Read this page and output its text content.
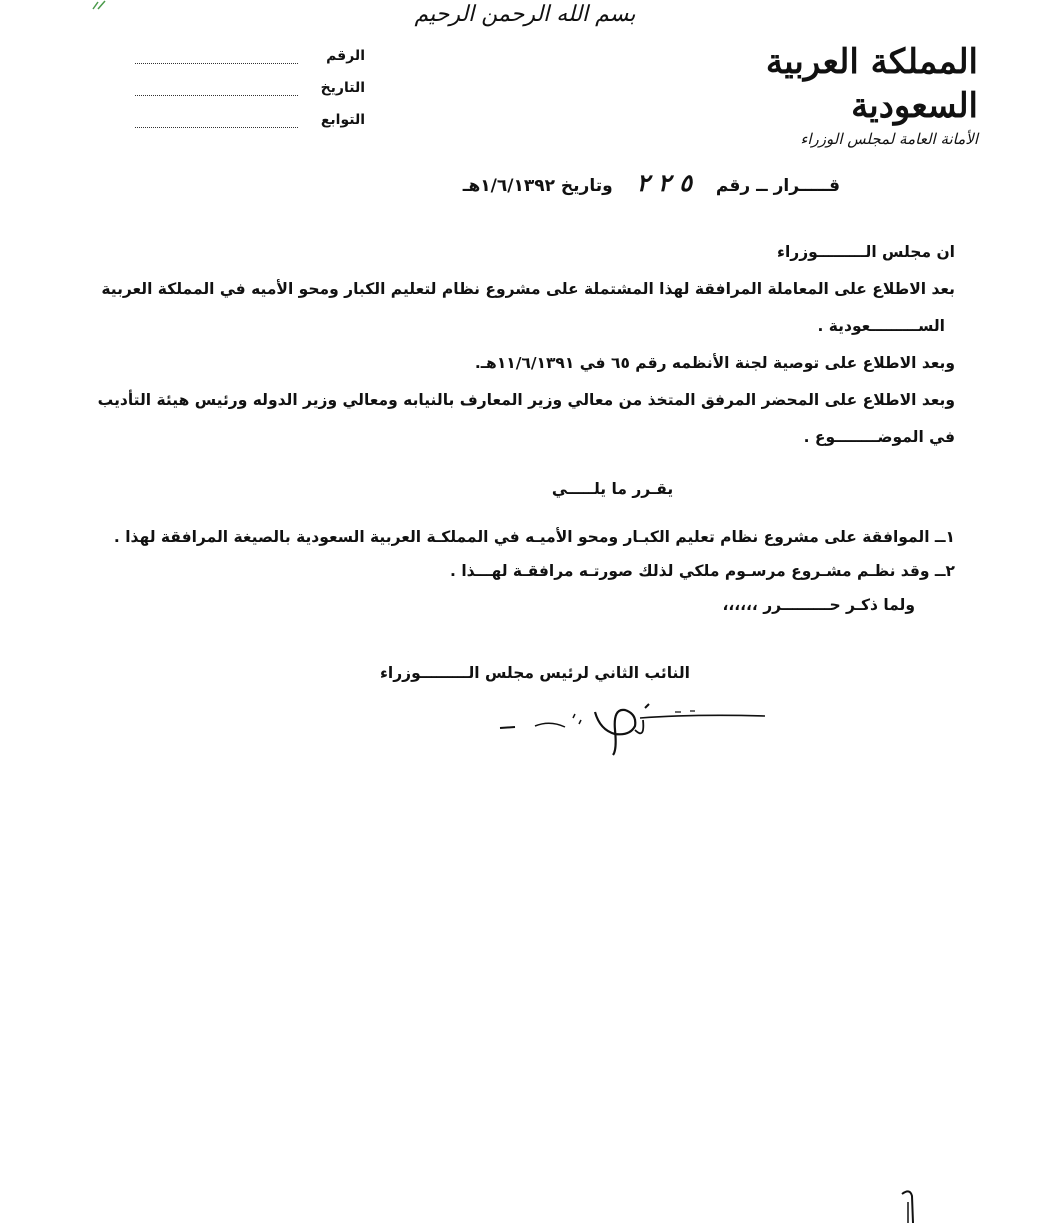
بسم الله الرحمن الرحيم
المملكة العربية السعودية
الأمانة العامة لمجلس الوزراء
الرقم
التاريخ
التوابع
قـــــرار ــ رقم ٥ ٢ ٢ وتاريخ ١/٦/١٣٩٢هـ

ان مجلس الـــــــــوزراء

بعد الاطلاع على المعاملة المرافقة لهذا المشتملة على مشروع نظام لتعليم الكبار ومحو الأميه في المملكة العربية

الســـــــــعودية .

وبعد الاطلاع على توصية لجنة الأنظمه رقم ٦٥ في ١١/٦/١٣٩١هـ.

وبعد الاطلاع على المحضر المرفق المتخذ من معالي وزير المعارف بالنيابه ومعالي وزير الدوله ورئيس هيئة التأديب

في الموضــــــــوع .

يقـرر ما يلـــــي
١ــ الموافقة على مشروع نظام تعليم الكبـار ومحو الأميـه في المملكـة العربية السعودية بالصيغة المرافقة لهذا .
٢ــ وقد نظـم مشـروع مرسـوم ملكي لذلك صورتـه مرافقـة لهـــذا .
ولما ذكـر حـــــــــرر ،،،،،،
النائب الثاني لرئيس مجلس الـــــــــوزراء
